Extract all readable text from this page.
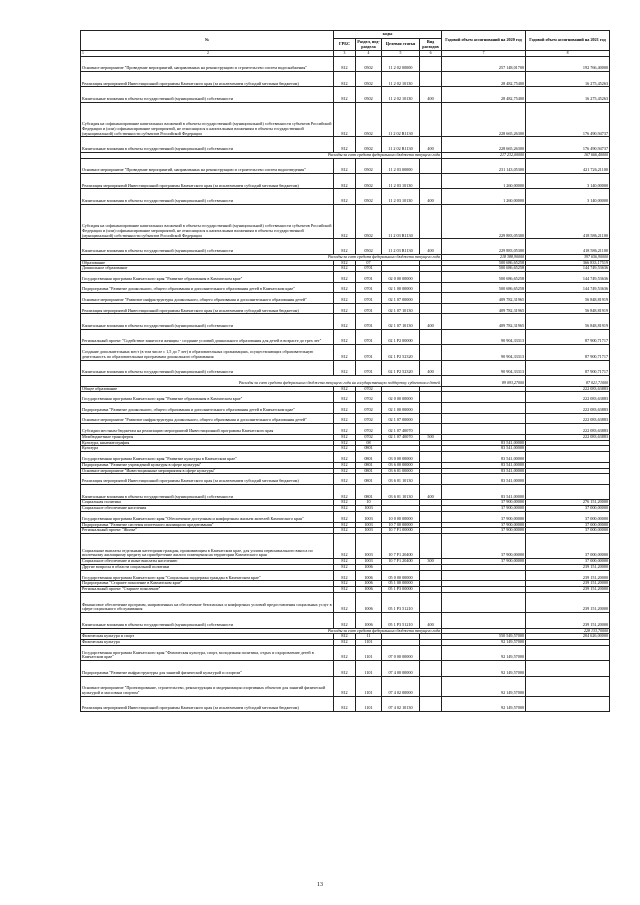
№	коды				Годовой объем ассигнований на 2020 год	Годовой объем ассигнований на 2021 год
	ГРБС	Раздел, под- раздела	Целевая статья	Вид расходов		

1 2	3	4	5	6	7	8
Основное мероприятие "Проведение мероприятий, направленных на реконструкцию и строительство систем водоснабжения"	812	0502	11 2 02 00000		257 148,01700	192 766,40000
Реализация мероприятий Инвестиционной программы Камчатского края (за исключением субсидий местным бюджетам)	812	0502	11 2 02 10130		28 482,75400	16 275,45263
Капитальные вложения в объекты государственной (муниципальной) собственности	812	0502	11 2 02 10130	400	28 482,75400	16 275,45263
Субсидия на софинансирование капитальных вложений в объекты государственной (муниципальной) собственности субъектов Российской Федерации и (или) софинансирование мероприятий, не относящихся к капитальным вложениям в объекты государственной (муниципальной) собственности субъектов Российской Федерации	812	0502	11 2 02 R1130		228 665,26300	176 490,94737
Капитальные вложения в объекты государственной (муниципальной) собственности	812	0502	11 2 02 R1130	400	228 665,26300	176 490,94737
Расходы за счет средств федерального бюджета текущего года					217 232,00000	167 666,40000
Основное мероприятие "Проведение мероприятий, направленных на реконструкцию и строительство систем водоотведения"	812	0502	11 2 03 00000		231 143,05300	421 726,21100
Реализация мероприятий Инвестиционной программы Камчатского края (за исключением субсидий местным бюджетам)	812	0502	11 2 03 10130		1 260,00000	3 140,00000
Капитальные вложения в объекты государственной (муниципальной) собственности	812	0502	11 2 03 10130	400	1 260,00000	3 140,00000
Субсидия на софинансирование капитальных вложений в объекты государственной (муниципальной) собственности субъектов Российской Федерации и (или) софинансирование мероприятий, не относящихся к капитальным вложениям в объекты государственной (муниципальной) собственности субъектов Российской Федерации	812	0502	11 2 03 R1130		229 883,05300	418 586,21100
Капитальные вложения в объекты государственной (муниципальной) собственности	812	0502	11 2 03 R1130	400	229 883,05300	418 586,21100
Расходы за счет средств федерального бюджета текущего года					218 388,90000	397 656,90000
Образование	812	07			500 686,65258	366 833,17519
Дошкольное образование	812	0701			500 686,65258	144 749,53636
Государственная программа Камчатского края "Развитие образования в Камчатском крае"	812	0701	02 0 00 00000		500 686,65258	144 749,53636
Подпрограмма "Развитие дошкольного, общего образования и дополнительного образования детей в Камчатском крае"	812	0701	02 1 00 00000		500 686,65258	144 749,53636
Основное мероприятие "Развитие инфраструктуры дошкольного, общего образования и дополнительного образования детей"	812	0701	02 1 07 00000		409 782,31965	56 848,81919
Реализация мероприятий Инвестиционной программы Камчатского края (за исключением субсидий местным бюджетам)	812	0701	02 1 07 10130		409 782,31965	56 848,81919
Капитальные вложения в объекты государственной (муниципальной) собственности	812	0701	02 1 07 10130	400	409 782,31965	56 848,81919
Региональный проект "Содействие занятости женщин - создание условий дошкольного образования для детей в возрасте до трех лет"	812	0701	02 1 P2 00000		90 904,33313	87 900,71717
Создание дополнительных мест (в том числе с 1,5 до 7 лет) в образовательных организациях, осуществляющих образовательную деятельность по образовательным программам дошкольного образования	812	0701	02 1 P2 52320		90 904,33313	87 900,71717
Капитальные вложения в объекты государственной (муниципальной) собственности	812	0701	02 1 P2 52320	400	90 904,33313	87 900,71717
Расходы за счет средств федерального бюджета текущего года на государственную поддержку субъектов и детей					89 093,27000	87 021,71000
Общее образование	812	0702				222 083,63883
Государственная программа Камчатского края "Развитие образования в Камчатском крае"	812	0702	02 0 00 00000			222 083,63883
Подпрограмма "Развитие дошкольного, общего образования и дополнительного образования детей в Камчатском крае"	812	0702	02 1 00 00000			222 083,63883
Основное мероприятие "Развитие инфраструктуры дошкольного, общего образования и дополнительного образования детей"	812	0702	02 1 07 00000			222 083,63883
Субсидии местным бюджетам на реализацию мероприятий Инвестиционной программы Камчатского края	812	0702	02 1 07 40070			222 083,63883
Межбюджетные трансферты	812	0702	02 1 07 40070	500		222 083,63883
Культура, кинематография	812	08			83 541,00000	
Культура	812	0801			83 541,00000	
Государственная программа Камчатского края "Развитие культуры в Камчатском крае"	812	0801	03 0 00 00000		83 541,00000	
Подпрограмма "Развитие учреждений культуры в сфере культуры"	812	0801	03 6 00 00000		83 541,00000	
Основное мероприятие "Инвестиционные мероприятия в сфере культуры"	812	0801	03 6 01 00000		83 541,00000	
Реализация мероприятий Инвестиционной программы Камчатского края (за исключением субсидий местным бюджетам)	812	0801	03 6 01 10130		83 541,00000	
Капитальные вложения в объекты государственной (муниципальной) собственности	812	0801	03 6 01 10130	400	83 541,00000	
Социальная политика	812	10			37 900,00000	276 151,20000
Социальное обеспечение населения	812	1003			37 900,00000	37 000,00000
Государственная программа Камчатского края "Обеспечение доступным и комфортным жильем жителей Камчатского края"	812	1003	10 0 00 00000		37 900,00000	37 000,00000
Подпрограмма "Развитие системы ипотечного жилищного кредитования"	812	1003	10 7 00 00000		37 900,00000	37 000,00000
Региональный проект "Жилье"	812	1003	10 7 F1 00000		37 900,00000	37 000,00000
Социальные выплаты отдельным категориям граждан, проживающим в Камчатском крае, для уплаты первоначального взноса по ипотечному жилищному кредиту на приобретение жилого помещения на территории Камчатского края	812	1003	10 7 F1 20400		37 900,00000	37 000,00000
Социальное обеспечение и иные выплаты населению	812	1003	10 7 F1 20400	300	37 900,00000	37 000,00000
Другие вопросы в области социальной политики	812	1006				239 151,20000
Государственная программа Камчатского края "Социальная поддержка граждан в Камчатском крае"	812	1006	05 0 00 00000			239 151,20000
Подпрограмма "Старшее поколение в Камчатском крае"	812	1006	05 1 00 00000			239 151,20000
Региональный проект "Старшее поколение"	812	1006	05 1 P3 00000			239 151,20000
Финансовое обеспечение программ, направленных на обеспечение безопасных и комфортных условий предоставления социальных услуг в сфере социального обслуживания	812	1006	05 1 P3 51210			239 151,20000
Капитальные вложения в объекты государственной (муниципальной) собственности	812	1006	05 1 P3 51210	400		239 151,20000
Расходы за счет средств федерального бюджета текущего года						228 133,70000
Физическая культура и спорт	812	11			550 549,57000	204 626,00000
Физическая культура	812	1101			92 149,57000	
Государственная программа Камчатского края "Физическая культура, спорт, молодежная политика, отдых и оздоровление детей в Камчатском крае"	812	1101	07 0 00 00000		92 149,57000	
Подпрограмма "Развитие инфраструктуры для занятий физической культурой и спортом"	812	1101	07 4 00 00000		92 149,57000	
Основное мероприятие "Проектирование, строительство, реконструкция и модернизация спортивных объектов для занятий физической культурой и массовым спортом"	812	1101	07 4 02 00000		92 149,57000	
Реализация мероприятий Инвестиционной программы Камчатского края (за исключением субсидий местным бюджетам)	812	1101	07 4 02 10130		92 149,57000	
13
